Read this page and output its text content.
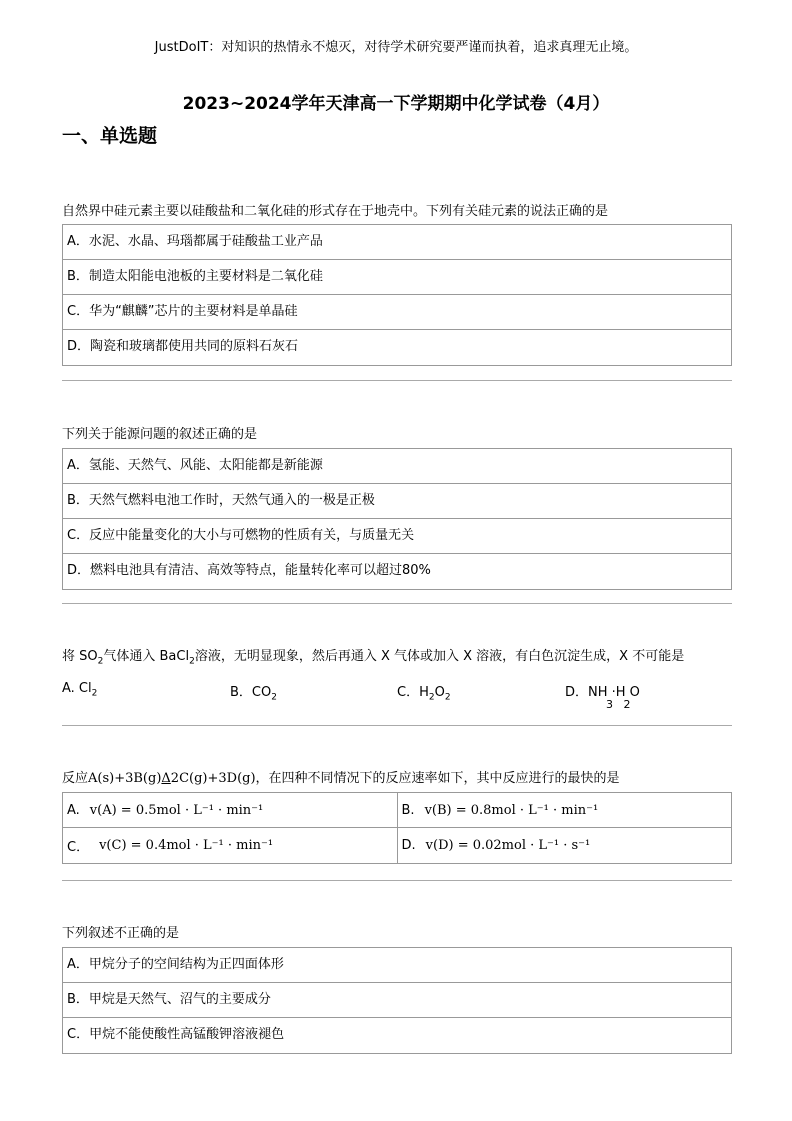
JustDoIT：对知识的热情永不熄灭，对待学术研究要严谨而执着，追求真理无止境。
2023~2024学年天津高一下学期期中化学试卷（4月）
一、单选题
自然界中硅元素主要以硅酸盐和二氧化硅的形式存在于地壳中。下列有关硅元素的说法正确的是
A．水泥、水晶、玛瑙都属于硅酸盐工业产品
B．制造太阳能电池板的主要材料是二氧化硅
C．华为“麒麟”芯片的主要材料是单晶硅
D．陶瓷和玻璃都使用共同的原料石灰石
下列关于能源问题的叙述正确的是
A．氢能、天然气、风能、太阳能都是新能源
B．天然气燃料电池工作时，天然气通入的一极是正极
C．反应中能量变化的大小与可燃物的性质有关，与质量无关
D．燃料电池具有清洁、高效等特点，能量转化率可以超过80%
将 $SO_2$气体通入 BaCl$_2$溶液，无明显现象，然后再通入 X 气体或加入 X 溶液，有白色沉淀生成，X 不可能是
A. $Cl_2$	B．$CO_2$	C．$H_2O_2$	D．NH ·H O
3   2
反应A(s)+3B(g)Δ2C(g)+3D(g)，在四种不同情况下的反应速率如下，其中反应进行的最快的是
A. v(A) = 0.5mol · L⁻¹ · min⁻¹	B. v(B) = 0.8mol · L⁻¹ · min⁻¹
C． v(C) = 0.4mol · L⁻¹ · min⁻¹	D. v(D) = 0.02mol · L⁻¹ · s⁻¹
下列叙述不正确的是
A．甲烷分子的空间结构为正四面体形
B．甲烷是天然气、沼气的主要成分
C．甲烷不能使酸性高锰酸钾溶液褪色
